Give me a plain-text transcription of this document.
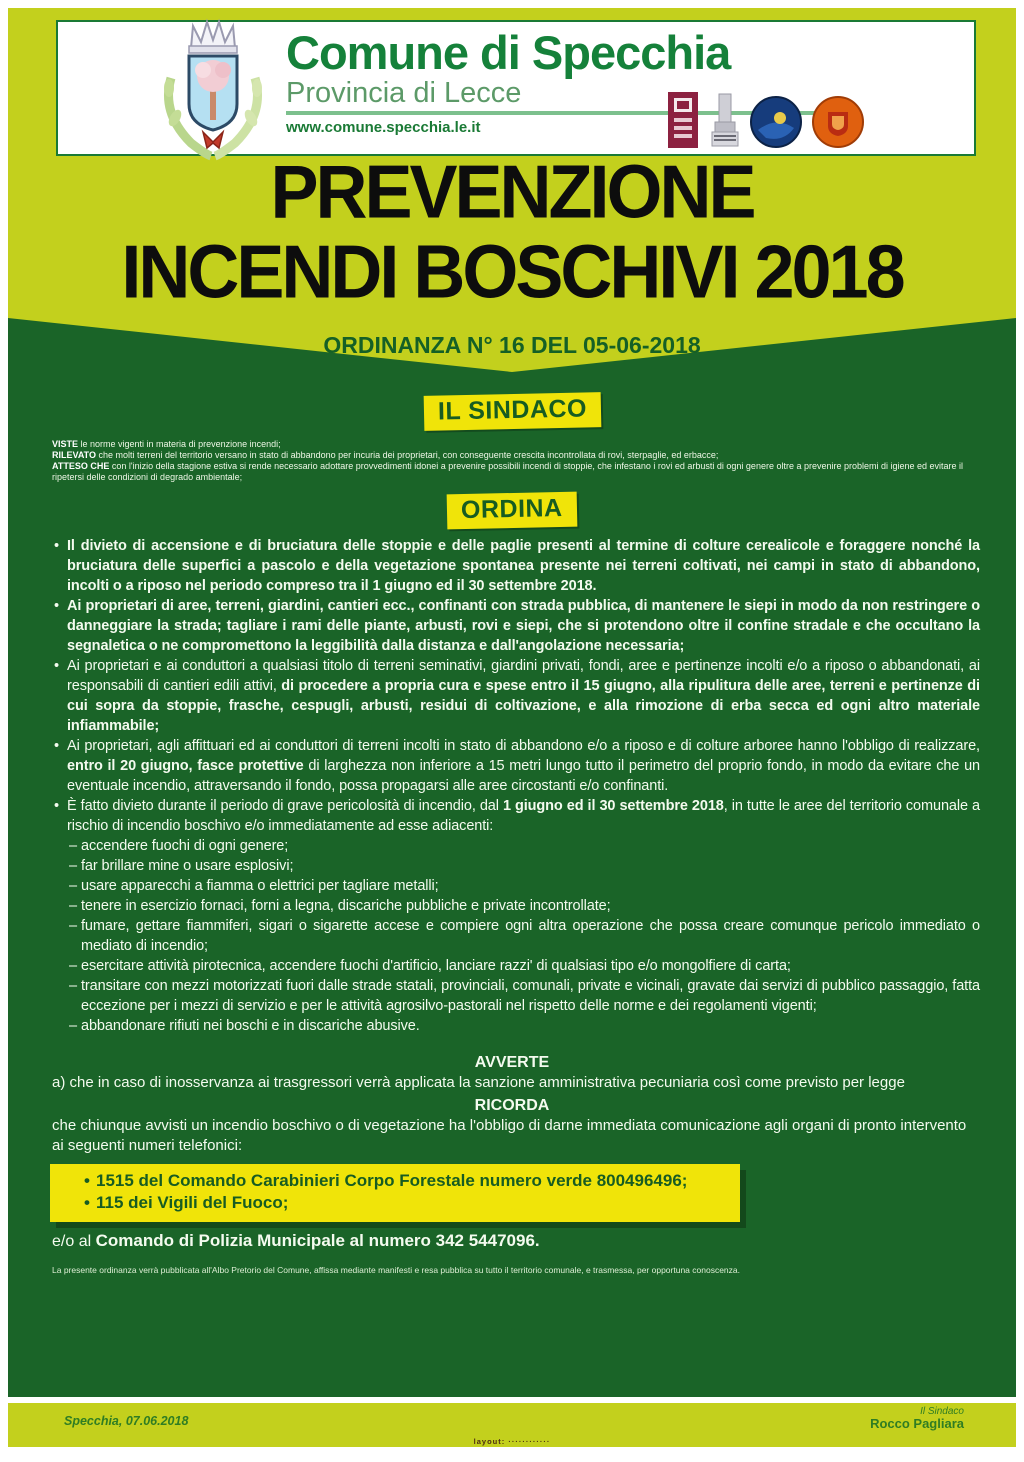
Comune di Specchia
Provincia di Lecce
www.comune.specchia.le.it
PREVENZIONE
INCENDI BOSCHIVI 2018
ORDINANZA N° 16 DEL 05-06-2018
IL SINDACO
VISTE le norme vigenti in materia di prevenzione incendi;
RILEVATO che molti terreni del territorio versano in stato di abbandono per incuria dei proprietari, con conseguente crescita incontrollata di rovi, sterpaglie, ed erbacce;
ATTESO CHE con l'inizio della stagione estiva si rende necessario adottare provvedimenti idonei a prevenire possibili incendi di stoppie, che infestano i rovi ed arbusti di ogni genere oltre a prevenire problemi di igiene ed evitare il ripetersi delle condizioni di degrado ambientale;
ORDINA
• Il divieto di accensione e di bruciatura delle stoppie e delle paglie presenti al termine di colture cerealicole e foraggere nonché la bruciatura delle superfici a pascolo e della vegetazione spontanea presente nei terreni coltivati, nei campi in stato di abbandono, incolti o a riposo nel periodo compreso tra il 1 giugno ed il 30 settembre 2018.
• Ai proprietari di aree, terreni, giardini, cantieri ecc., confinanti con strada pubblica, di mantenere le siepi in modo da non restringere o danneggiare la strada; tagliare i rami delle piante, arbusti, rovi e siepi, che si protendono oltre il confine stradale e che occultano la segnaletica o ne compromettono la leggibilità dalla distanza e dall'angolazione necessaria;
• Ai proprietari e ai conduttori a qualsiasi titolo di terreni seminativi, giardini privati, fondi, aree e pertinenze incolti e/o a riposo o abbandonati, ai responsabili di cantieri edili attivi, di procedere a propria cura e spese entro il 15 giugno, alla ripulitura delle aree, terreni e pertinenze di cui sopra da stoppie, frasche, cespugli, arbusti, residui di coltivazione, e alla rimozione di erba secca ed ogni altro materiale infiammabile;
• Ai proprietari, agli affittuari ed ai conduttori di terreni incolti in stato di abbandono e/o a riposo e di colture arboree hanno l'obbligo di realizzare, entro il 20 giugno, fasce protettive di larghezza non inferiore a 15 metri lungo tutto il perimetro del proprio fondo, in modo da evitare che un eventuale incendio, attraversando il fondo, possa propagarsi alle aree circostanti e/o confinanti.
• È fatto divieto durante il periodo di grave pericolosità di incendio, dal 1 giugno ed il 30 settembre 2018, in tutte le aree del territorio comunale a rischio di incendio boschivo e/o immediatamente ad esse adiacenti:
– accendere fuochi di ogni genere;
– far brillare mine o usare esplosivi;
– usare apparecchi a fiamma o elettrici per tagliare metalli;
– tenere in esercizio fornaci, forni a legna, discariche pubbliche e private incontrollate;
– fumare, gettare fiammiferi, sigari o sigarette accese e compiere ogni altra operazione che possa creare comunque pericolo immediato o mediato di incendio;
– esercitare attività pirotecnica, accendere fuochi d'artificio, lanciare razzi' di qualsiasi tipo e/o mongolfiere di carta;
– transitare con mezzi motorizzati fuori dalle strade statali, provinciali, comunali, private e vicinali, gravate dai servizi di pubblico passaggio, fatta eccezione per i mezzi di servizio e per le attività agrosilvo-pastorali nel rispetto delle norme e dei regolamenti vigenti;
– abbandonare rifiuti nei boschi e in discariche abusive.
AVVERTE
a) che in caso di inosservanza ai trasgressori verrà applicata la sanzione amministrativa pecuniaria così come previsto per legge
RICORDA
che chiunque avvisti un incendio boschivo o di vegetazione ha l'obbligo di darne immediata comunicazione agli organi di pronto intervento ai seguenti numeri telefonici:
• 1515 del Comando Carabinieri Corpo Forestale numero verde 800496496;
• 115 dei Vigili del Fuoco;
e/o al Comando di Polizia Municipale al numero 342 5447096.
La presente ordinanza verrà pubblicata all'Albo Pretorio del Comune, affissa mediante manifesti e resa pubblica su tutto il territorio comunale, e trasmessa, per opportuna conoscenza.
Specchia, 07.06.2018
Il Sindaco
Rocco Pagliara
layout: ············
